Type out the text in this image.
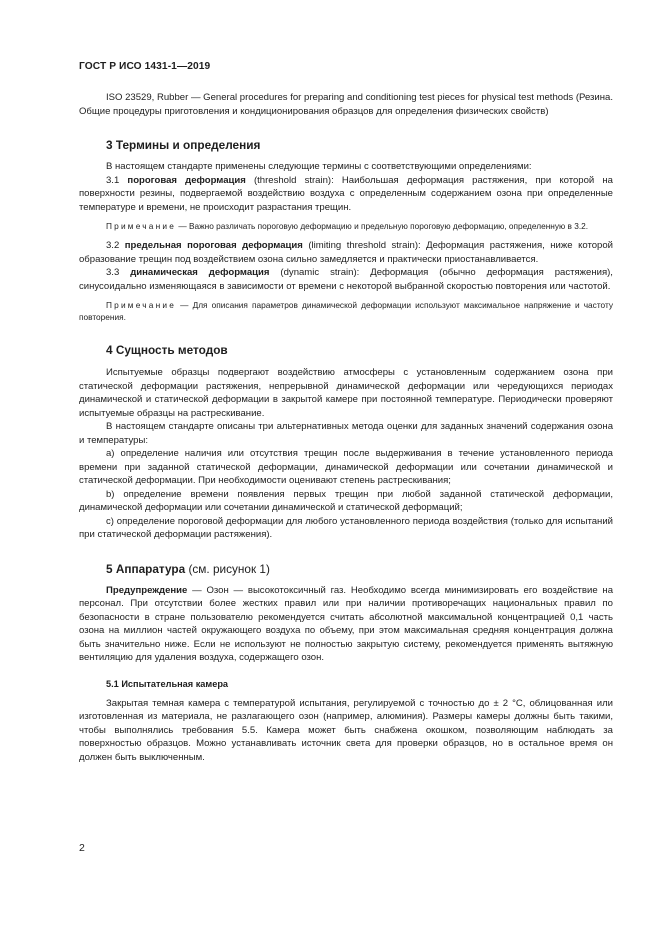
ГОСТ Р ИСО 1431-1—2019

ISO 23529, Rubber — General procedures for preparing and conditioning test pieces for physical test methods (Резина. Общие процедуры приготовления и кондиционирования образцов для определения физических свойств)

3 Термины и определения

В настоящем стандарте применены следующие термины с соответствующими определениями:

3.1 пороговая деформация (threshold strain): Наибольшая деформация растяжения, при которой на поверхности резины, подвергаемой воздействию воздуха с определенным содержанием озона при определенные температуре и времени, не происходит разрастания трещин.

Примечание — Важно различать пороговую деформацию и предельную пороговую деформацию, определенную в 3.2.

3.2 предельная пороговая деформация (limiting threshold strain): Деформация растяжения, ниже которой образование трещин под воздействием озона сильно замедляется и практически приостанавливается.

3.3 динамическая деформация (dynamic strain): Деформация (обычно деформация растяжения), синусоидально изменяющаяся в зависимости от времени с некоторой выбранной скоростью повторения или частотой.

Примечание — Для описания параметров динамической деформации используют максимальное напряжение и частоту повторения.

4 Сущность методов

Испытуемые образцы подвергают воздействию атмосферы с установленным содержанием озона при статической деформации растяжения, непрерывной динамической деформации или чередующихся периодах динамической и статической деформации в закрытой камере при постоянной температуре. Периодически проверяют испытуемые образцы на растрескивание.

В настоящем стандарте описаны три альтернативных метода оценки для заданных значений содержания озона и температуры:

a) определение наличия или отсутствия трещин после выдерживания в течение установленного периода времени при заданной статической деформации, динамической деформации или сочетании динамической и статической деформации. При необходимости оценивают степень растрескивания;

b) определение времени появления первых трещин при любой заданной статической деформации, динамической деформации или сочетании динамической и статической деформаций;

c) определение пороговой деформации для любого установленного периода воздействия (только для испытаний при статической деформации растяжения).

5 Аппаратура (см. рисунок 1)

Предупреждение — Озон — высокотоксичный газ. Необходимо всегда минимизировать его воздействие на персонал. При отсутствии более жестких правил или при наличии противоречащих национальных правил по безопасности в стране пользователю рекомендуется считать абсолютной максимальной концентрацией 0,1 часть озона на миллион частей окружающего воздуха по объему, при этом максимальная средняя концентрация должна быть значительно ниже. Если не используют не полностью закрытую систему, рекомендуется применять вытяжную вентиляцию для удаления воздуха, содержащего озон.

5.1 Испытательная камера

Закрытая темная камера с температурой испытания, регулируемой с точностью до ± 2 °С, облицованная или изготовленная из материала, не разлагающего озон (например, алюминия). Размеры камеры должны быть такими, чтобы выполнялись требования 5.5. Камера может быть снабжена окошком, позволяющим наблюдать за поверхностью образцов. Можно устанавливать источник света для проверки образцов, но в остальное время он должен быть выключенным.

2
